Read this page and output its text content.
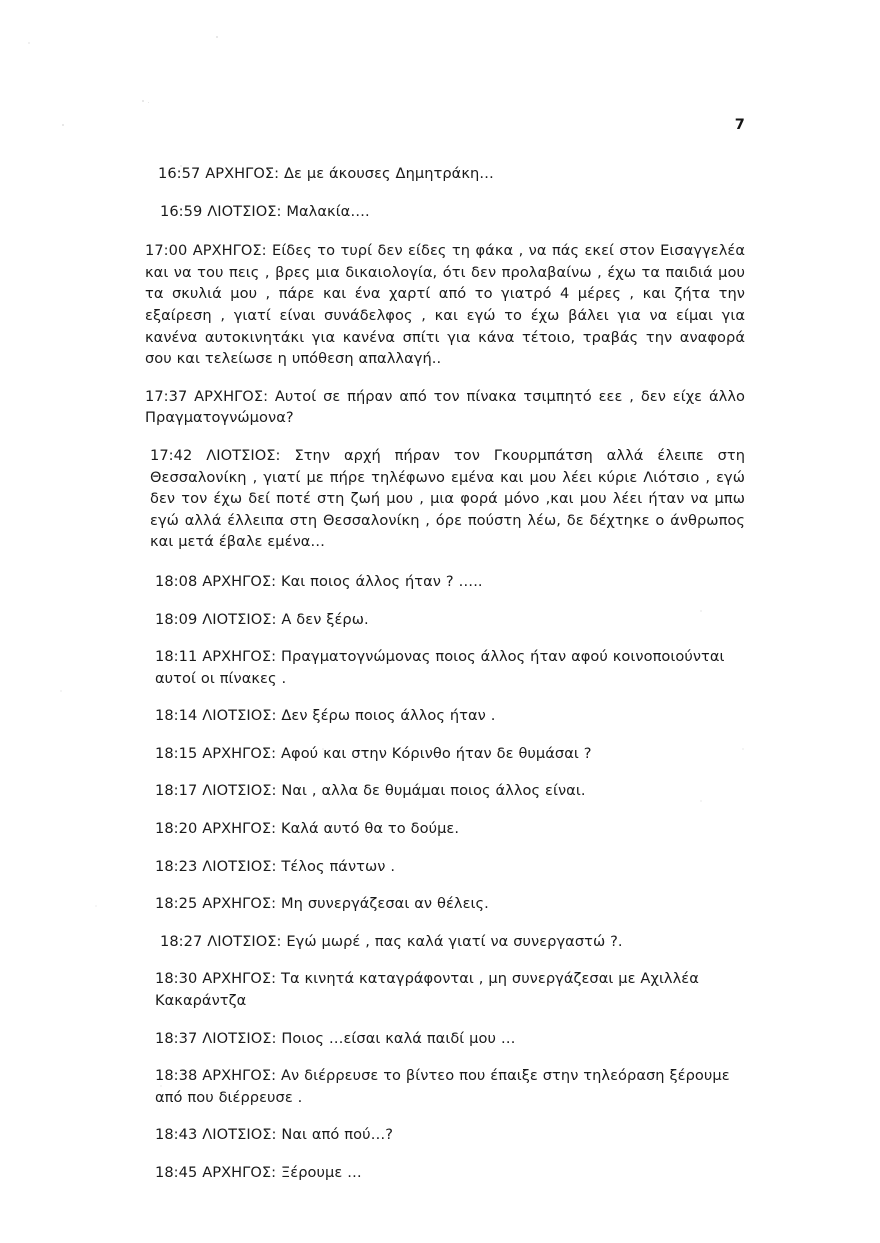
7

16:57 ΑΡΧΗΓΟΣ: Δε με άκουσες Δημητράκη…

16:59 ΛΙΟΤΣΙΟΣ: Μαλακία….

17:00 ΑΡΧΗΓΟΣ: Είδες το τυρί δεν είδες τη φάκα , να πάς εκεί στον Εισαγγελέα και να του πεις , βρες μια δικαιολογία, ότι δεν προλαβαίνω , έχω τα παιδιά μου τα σκυλιά μου , πάρε και ένα χαρτί από το γιατρό 4 μέρες , και ζήτα την εξαίρεση , γιατί είναι συνάδελφος , και εγώ το έχω βάλει για να είμαι για κανένα αυτοκινητάκι για κανένα σπίτι για κάνα τέτοιο, τραβάς την αναφορά σου και τελείωσε η υπόθεση απαλλαγή..

17:37 ΑΡΧΗΓΟΣ: Αυτοί σε πήραν από τον πίνακα τσιμπητό εεε , δεν είχε άλλο Πραγματογνώμονα?

17:42 ΛΙΟΤΣΙΟΣ: Στην αρχή πήραν τον Γκουρμπάτση αλλά έλειπε στη Θεσσαλονίκη , γιατί με πήρε τηλέφωνο εμένα και μου λέει κύριε Λιότσιο , εγώ δεν τον έχω δεί ποτέ στη ζωή μου , μια φορά μόνο ,και μου λέει ήταν να μπω εγώ αλλά έλλειπα στη Θεσσαλονίκη , όρε πούστη λέω, δε δέχτηκε ο άνθρωπος και μετά έβαλε εμένα…

18:08 ΑΡΧΗΓΟΣ: Και ποιος άλλος ήταν ? …..

18:09 ΛΙΟΤΣΙΟΣ: Α δεν ξέρω.

18:11 ΑΡΧΗΓΟΣ: Πραγματογνώμονας ποιος άλλος ήταν αφού κοινοποιούνται αυτοί οι πίνακες .

18:14 ΛΙΟΤΣΙΟΣ: Δεν ξέρω ποιος άλλος ήταν .

18:15 ΑΡΧΗΓΟΣ: Αφού και στην Κόρινθο ήταν δε θυμάσαι ?

18:17 ΛΙΟΤΣΙΟΣ: Ναι , αλλα δε θυμάμαι ποιος άλλος είναι.

18:20 ΑΡΧΗΓΟΣ: Καλά αυτό θα το δούμε.

18:23 ΛΙΟΤΣΙΟΣ: Τέλος πάντων .

18:25 ΑΡΧΗΓΟΣ: Μη συνεργάζεσαι αν θέλεις.

18:27 ΛΙΟΤΣΙΟΣ: Εγώ μωρέ , πας καλά γιατί να συνεργαστώ ?.

18:30 ΑΡΧΗΓΟΣ: Τα κινητά καταγράφονται , μη συνεργάζεσαι με Αχιλλέα Κακαράντζα

18:37 ΛΙΟΤΣΙΟΣ: Ποιος …είσαι καλά παιδί μου …

18:38 ΑΡΧΗΓΟΣ: Αν διέρρευσε το βίντεο που έπαιξε στην τηλεόραση ξέρουμε από που διέρρευσε .

18:43 ΛΙΟΤΣΙΟΣ: Ναι από πού…?

18:45 ΑΡΧΗΓΟΣ: Ξέρουμε …
